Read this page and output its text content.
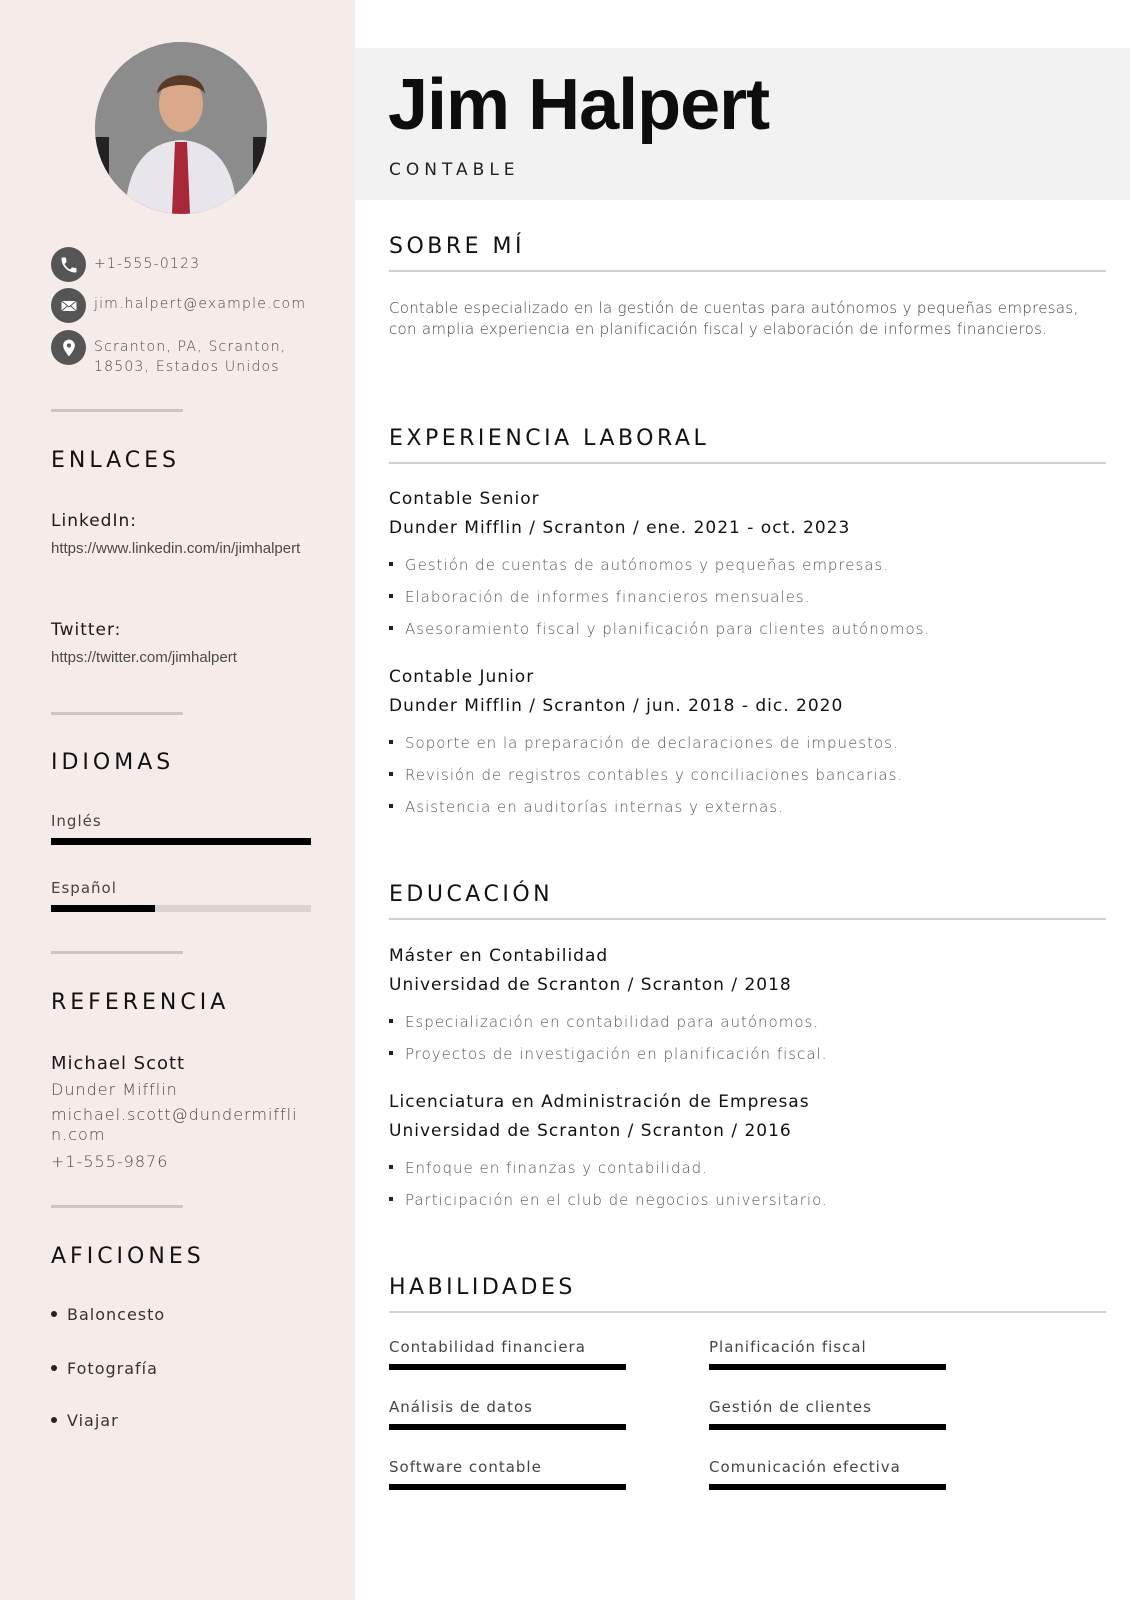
+1-555-0123
jim.halpert@example.com
Scranton, PA, Scranton,
18503, Estados Unidos
ENLACES
LinkedIn:
https://www.linkedin.com/in/jimhalpert
Twitter:
https://twitter.com/jimhalpert
IDIOMAS
Inglés
Español
REFERENCIA
Michael Scott
Dunder Mifflin
michael.scott@dundermifflin.com
+1-555-9876
AFICIONES
Baloncesto
Fotografía
Viajar
Jim Halpert
CONTABLE
SOBRE MÍ

Contable especializado en la gestión de cuentas para autónomos y pequeñas empresas, con amplia experiencia en planificación fiscal y elaboración de informes financieros.

EXPERIENCIA LABORAL
Contable Senior
Dunder Mifflin / Scranton / ene. 2021 - oct. 2023
Gestión de cuentas de autónomos y pequeñas empresas.
Elaboración de informes financieros mensuales.
Asesoramiento fiscal y planificación para clientes autónomos.
Contable Junior
Dunder Mifflin / Scranton / jun. 2018 - dic. 2020
Soporte en la preparación de declaraciones de impuestos.
Revisión de registros contables y conciliaciones bancarias.
Asistencia en auditorías internas y externas.
EDUCACIÓN
Máster en Contabilidad
Universidad de Scranton / Scranton / 2018
Especialización en contabilidad para autónomos.
Proyectos de investigación en planificación fiscal.
Licenciatura en Administración de Empresas
Universidad de Scranton / Scranton / 2016
Enfoque en finanzas y contabilidad.
Participación en el club de negocios universitario.
HABILIDADES
Contabilidad financiera	Planificación fiscal
Análisis de datos	Gestión de clientes
Software contable	Comunicación efectiva
